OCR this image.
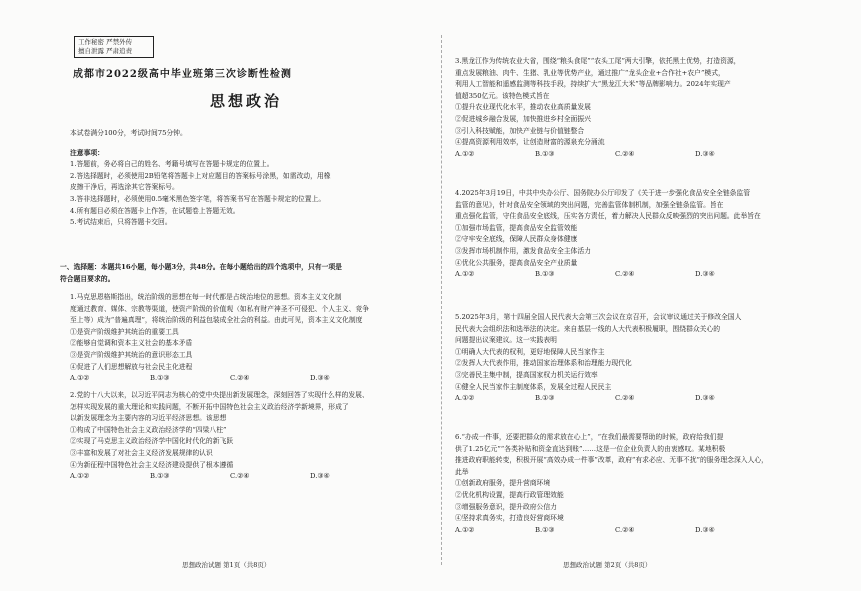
工作秘密 严禁外传
擅自泄露 严肃追责
成都市2022级高中毕业班第三次诊断性检测
思想政治
本试卷满分100分，考试时间75分钟。
注意事项：
1.答题前，务必将自己的姓名、考籍号填写在答题卡规定的位置上。
2.答选择题时，必须使用2B铅笔将答题卡上对应题目的答案标号涂黑，如需改动，用橡
皮擦干净后，再选涂其它答案标号。
3.答非选择题时，必须使用0.5毫米黑色签字笔，将答案书写在答题卡规定的位置上。
4.所有题目必须在答题卡上作答，在试题卷上答题无效。
5.考试结束后，只将答题卡交回。
一、选择题：本题共16小题，每小题3分，共48分。在每小题给出的四个选项中，只有一项是
符合题目要求的。
1.马克思恩格斯指出，统治阶级的思想在每一时代都是占统治地位的思想。资本主义文化制
度通过教育、媒体、宗教等渠道，使资产阶级的价值观（如私有财产神圣不可侵犯、个人主义、竞争
至上等）成为“普遍真理”，将统治阶级的利益包装成全社会的利益。由此可见，资本主义文化制度
①是资产阶级维护其统治的重要工具
②能够自觉调和资本主义社会的基本矛盾
③是资产阶级维护其统治的意识形态工具
④促进了人们思想解放与社会民主化进程
A.①②	B.①③	C.②④	D.③④
2.党的十八大以来，以习近平同志为核心的党中央提出新发展理念，深刻回答了实现什么样的发展、
怎样实现发展的重大理论和实践问题，不断开拓中国特色社会主义政治经济学新境界，形成了
以新发展理念为主要内容的习近平经济思想。该思想
①构成了中国特色社会主义政治经济学的“四梁八柱”
②实现了马克思主义政治经济学中国化时代化的新飞跃
③丰富和发展了对社会主义经济发展规律的认识
④为新征程中国特色社会主义经济建设提供了根本遵循
A.①②	B.①③	C.②④	D.③④
3.黑龙江作为传统农业大省，围绕“粮头食尾”“农头工尾”两大引擎，依托黑土优势，打造资源，
重点发展粮油、肉牛、生猪、乳业等优势产业，通过推广“龙头企业+合作社+农户”模式，
利用人工智能和遥感监测等科技手段，持续扩大“黑龙江大米”等品牌影响力。2024年实现产
值超350亿元。该特色模式旨在
①提升农业现代化水平，推动农业高质量发展
②促进城乡融合发展，加快推进乡村全面振兴
③引入科技赋能，加快产业链与价值链整合
④提高资源利用效率，让创造财富的源泉充分涌流
A.①②	B.①③	C.②④	D.③④
4.2025年3月19日，中共中央办公厅、国务院办公厅印发了《关于进一步强化食品安全全链条监管
监管的意见》，针对食品安全领域的突出问题，完善监管体制机制，加强全链条监管。旨在
重点强化监管，守住食品安全底线，压实各方责任，着力解决人民群众反映强烈的突出问题。此举旨在
①加强市场监管，提高食品安全监管效能
②守牢安全底线，保障人民群众身体健康
③发挥市场机制作用，激发食品安全主体活力
④优化公共服务，提高食品安全产业质量
A.①②	B.①③	C.②④	D.③④
5.2025年3月，第十四届全国人民代表大会第三次会议在京召开，会议审议通过关于修改全国人
民代表大会组织法和选举法的决定。来自基层一线的人大代表积极履职，围绕群众关心的
问题提出议案建议。这一实践表明
①明确人大代表的权利，更好地保障人民当家作主
②发挥人大代表作用，推动国家治理体系和治理能力现代化
③完善民主集中制，提高国家权力机关运行效率
④健全人民当家作主制度体系，发展全过程人民民主
A.①②	B.①③	C.②④	D.③④
6.“办成一件事，还要把群众的需求放在心上”，“在我们最需要帮助的时候，政府给我们提
供了1.25亿元”“各类补贴和资金直达到账”……这是一位企业负责人的由衷感叹。某地积极
推进政府职能转变，积极开展“高效办成一件事”改革，政府“有求必应、无事不扰”的服务理念深入人心，
此举
①创新政府服务，提升营商环境
②优化机构设置，提高行政管理效能
③增强服务意识，提升政府公信力
④坚持求真务实，打造良好营商环境
A.①②	B.①③	C.②④	D.③④
思想政治试题 第1页（共8页）	思想政治试题 第2页（共8页）
